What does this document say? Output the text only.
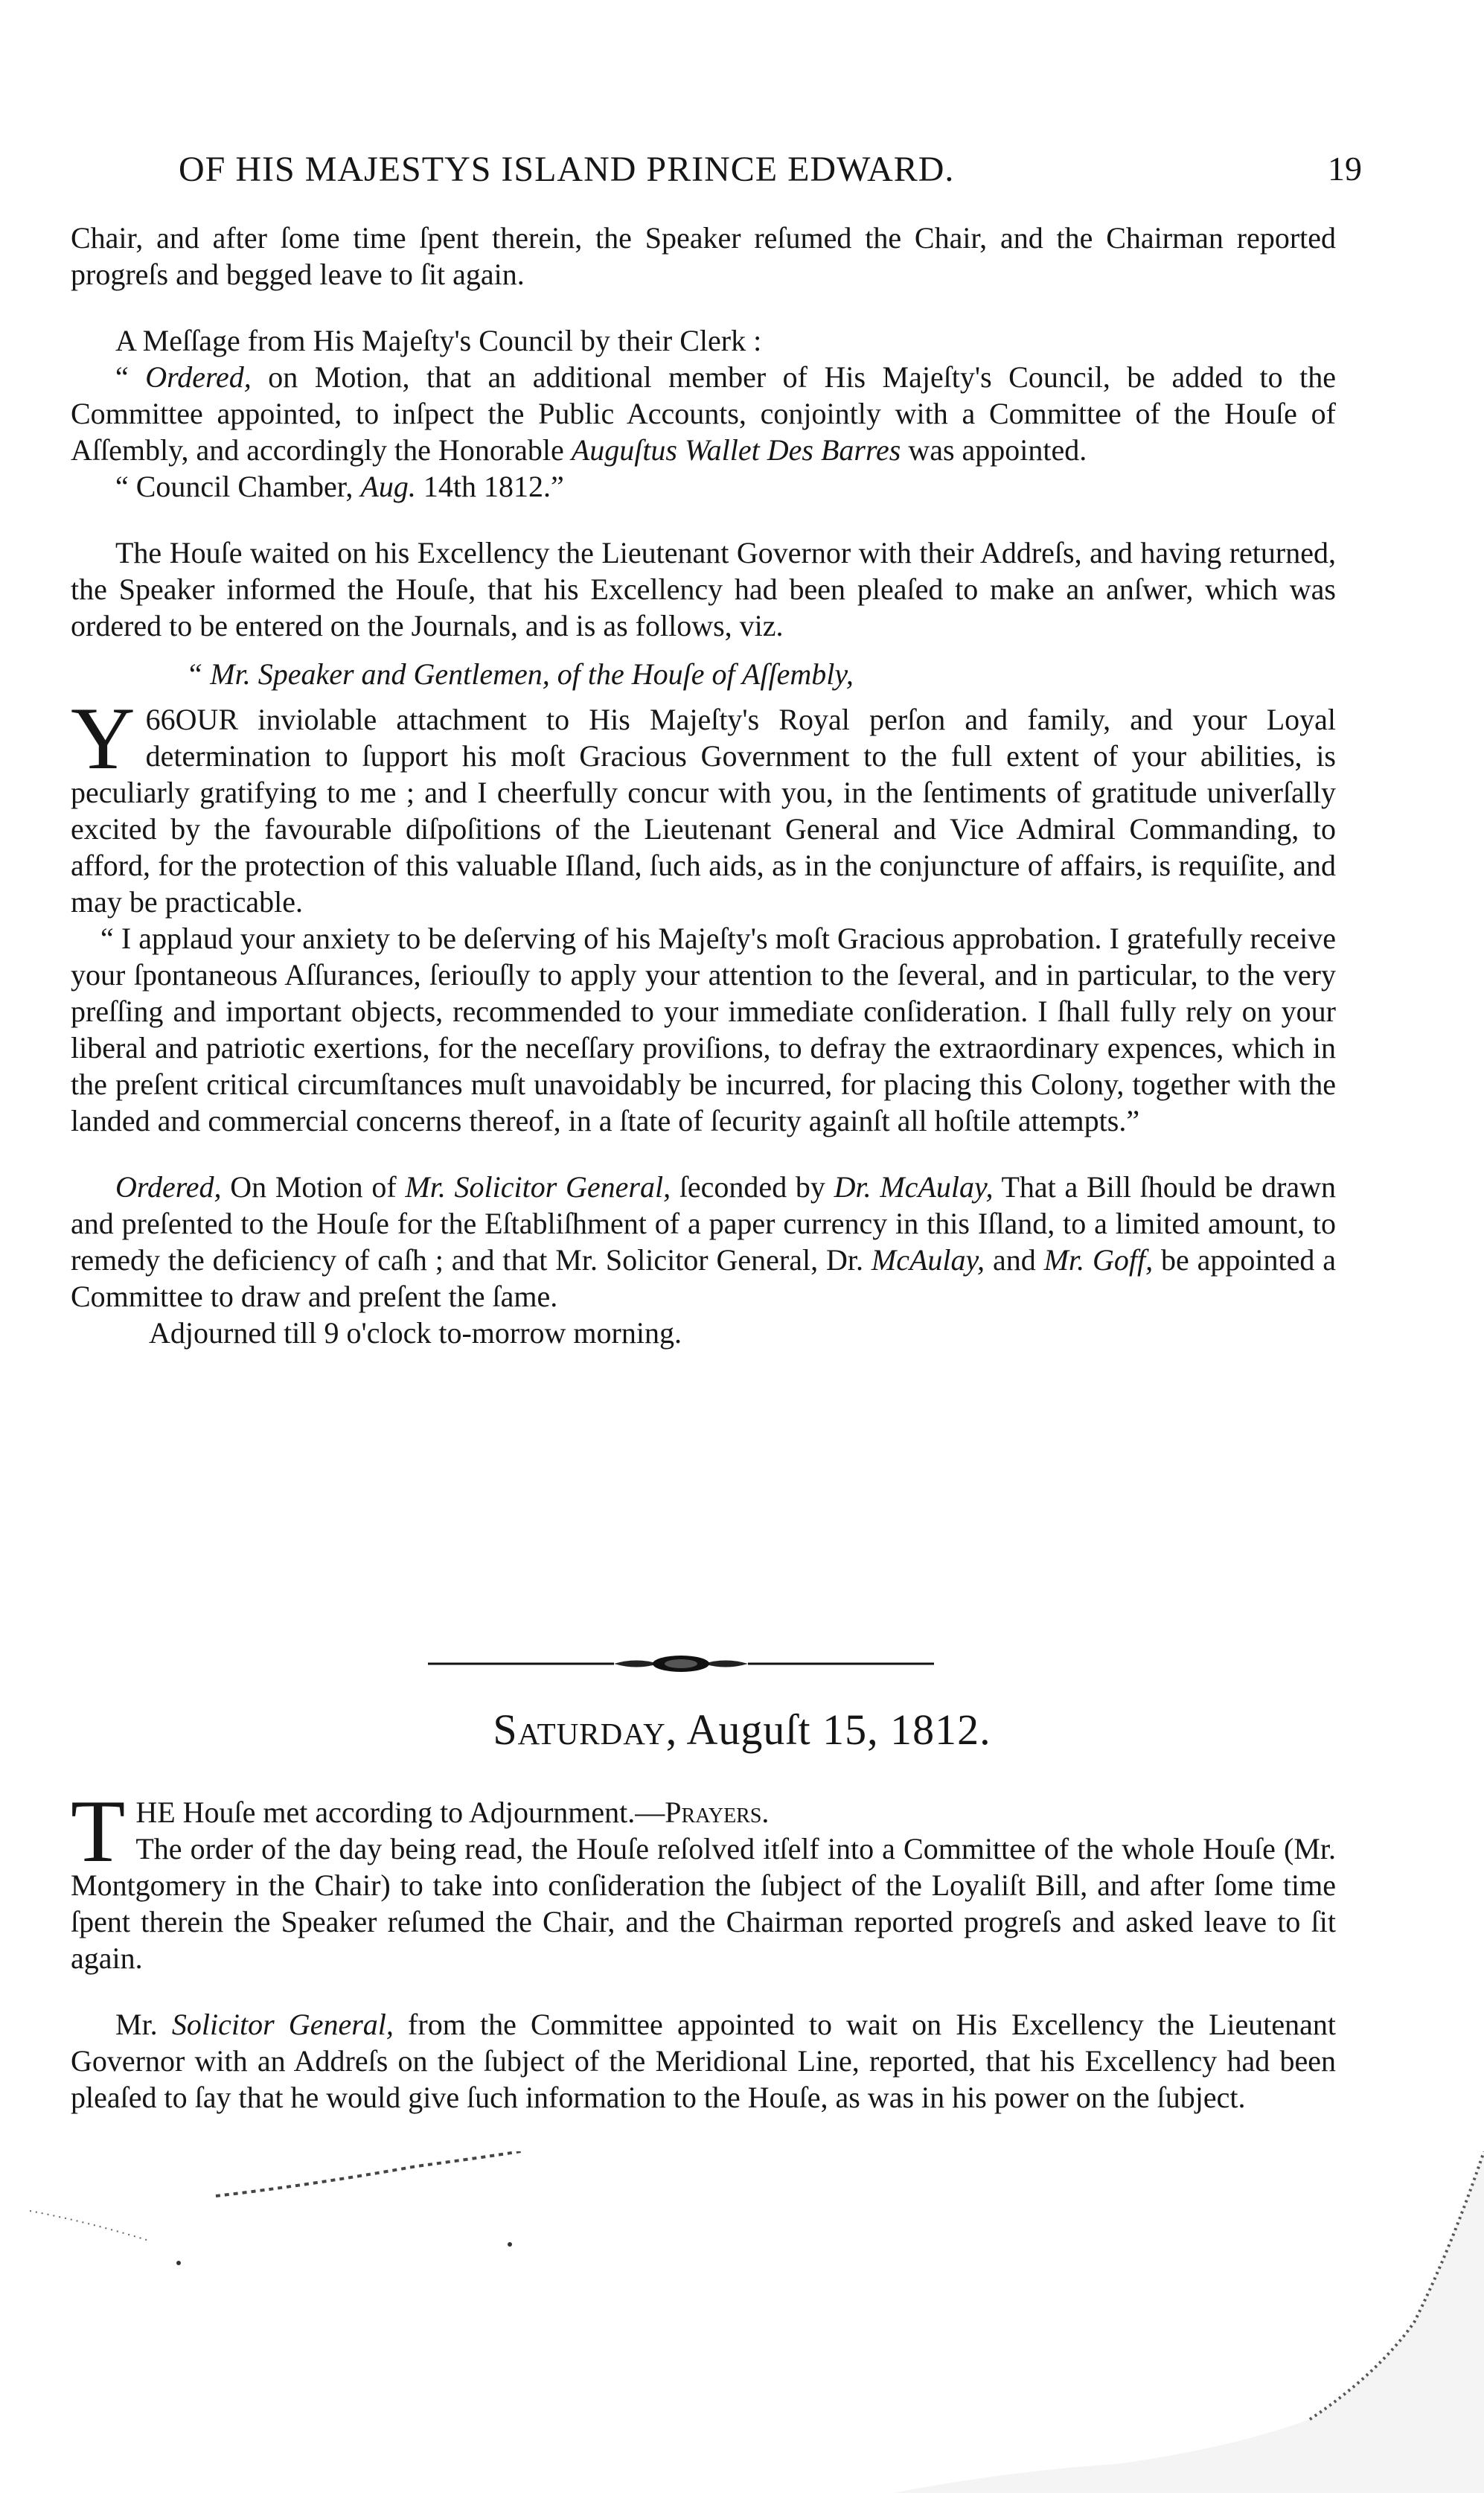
OF HIS MAJESTYS ISLAND PRINCE EDWARD.	19

Chair, and after ſome time ſpent therein, the Speaker reſumed the Chair, and the Chairman reported progreſs and begged leave to ſit again.

A Meſſage from His Majeſty's Council by their Clerk :

“ Ordered, on Motion, that an additional member of His Majeſty's Council, be added to the Committee appointed, to inſpect the Public Accounts, conjointly with a Committee of the Houſe of Aſſembly, and accordingly the Honorable Auguſtus Wallet Des Barres was appointed.

“ Council Chamber, Aug. 14th 1812.”

The Houſe waited on his Excellency the Lieutenant Governor with their Addreſs, and having returned, the Speaker informed the Houſe, that his Excellency had been pleaſed to make an anſwer, which was ordered to be entered on the Journals, and is as follows, viz.

“ Mr. Speaker and Gentlemen, of the Houſe of Aſſembly,

66
Y OUR inviolable attachment to His Majeſty's Royal perſon and family, and your Loyal determination to ſupport his moſt Gracious Government to the full extent of your abilities, is peculiarly gratifying to me ; and I cheerfully concur with you, in the ſentiments of gratitude univerſally excited by the favourable diſpoſitions of the Lieutenant General and Vice Admiral Commanding, to afford, for the protection of this valuable Iſland, ſuch aids, as in the conjuncture of affairs, is requiſite, and may be practicable.

“ I applaud your anxiety to be deſerving of his Majeſty's moſt Gracious approbation. I gratefully receive your ſpontaneous Aſſurances, ſeriouſly to apply your attention to the ſeveral, and in particular, to the very preſſing and important objects, recommended to your immediate conſideration. I ſhall fully rely on your liberal and patriotic exertions, for the neceſſary proviſions, to defray the extraordinary expences, which in the preſent critical circumſtances muſt unavoidably be incurred, for placing this Colony, together with the landed and commercial concerns thereof, in a ſtate of ſecurity againſt all hoſtile attempts.”

Ordered, On Motion of Mr. Solicitor General, ſeconded by Dr. McAulay, That a Bill ſhould be drawn and preſented to the Houſe for the Eſtabliſhment of a paper currency in this Iſland, to a limited amount, to remedy the deficiency of caſh ; and that Mr. Solicitor General, Dr. McAulay, and Mr. Goff, be appointed a Committee to draw and preſent the ſame.

Adjourned till 9 o'clock to-morrow morning.

Saturday, Auguſt 15, 1812.

THE Houſe met according to Adjournment.—Prayers.

The order of the day being read, the Houſe reſolved itſelf into a Committee of the whole Houſe (Mr. Montgomery in the Chair) to take into conſideration the ſubject of the Loyaliſt Bill, and after ſome time ſpent therein the Speaker reſumed the Chair, and the Chairman reported progreſs and asked leave to ſit again.

Mr. Solicitor General, from the Committee appointed to wait on His Excellency the Lieutenant Governor with an Addreſs on the ſubject of the Meridional Line, reported, that his Excellency had been pleaſed to ſay that he would give ſuch information to the Houſe, as was in his power on the ſubject.
